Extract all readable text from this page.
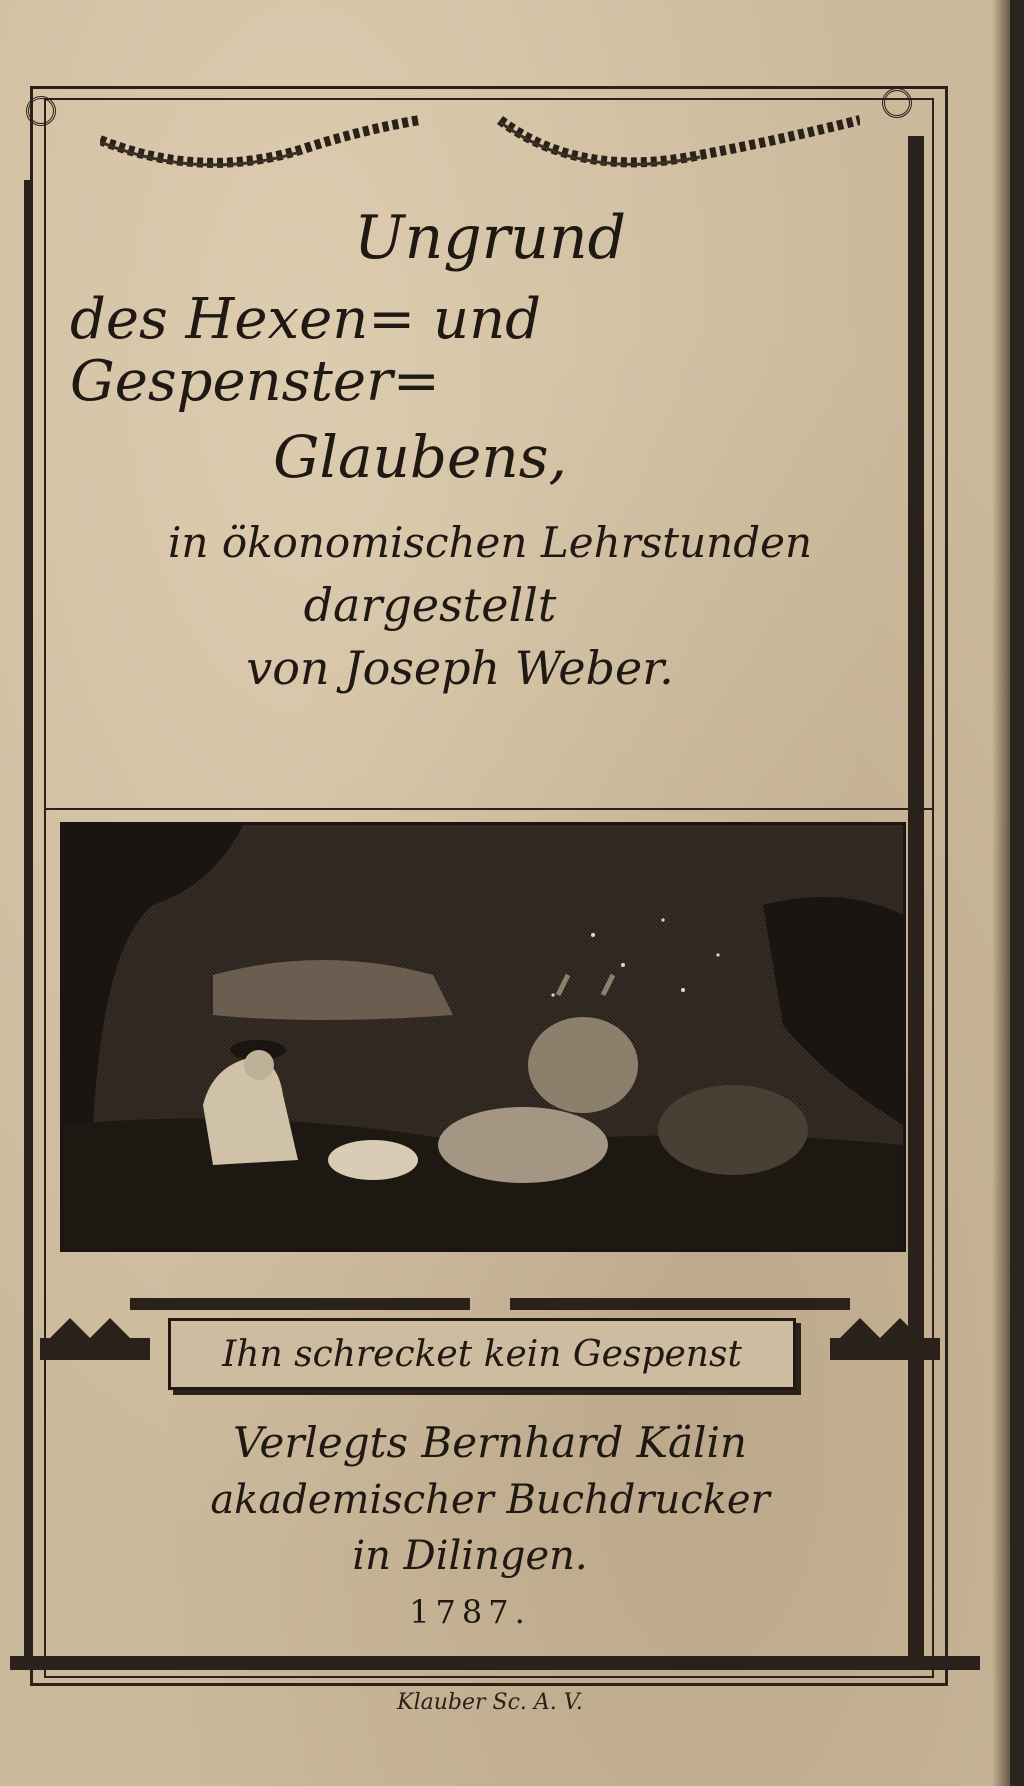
Ungrund
des Hexen= und Gespenster=
Glaubens,
in ökonomischen Lehrstunden
dargestellt
von Joseph Weber.
Ihn schrecket kein Gespenst
Verlegts Bernhard Kälin
akademischer Buchdrucker
in Dilingen.
1787.
Klauber Sc. A. V.
